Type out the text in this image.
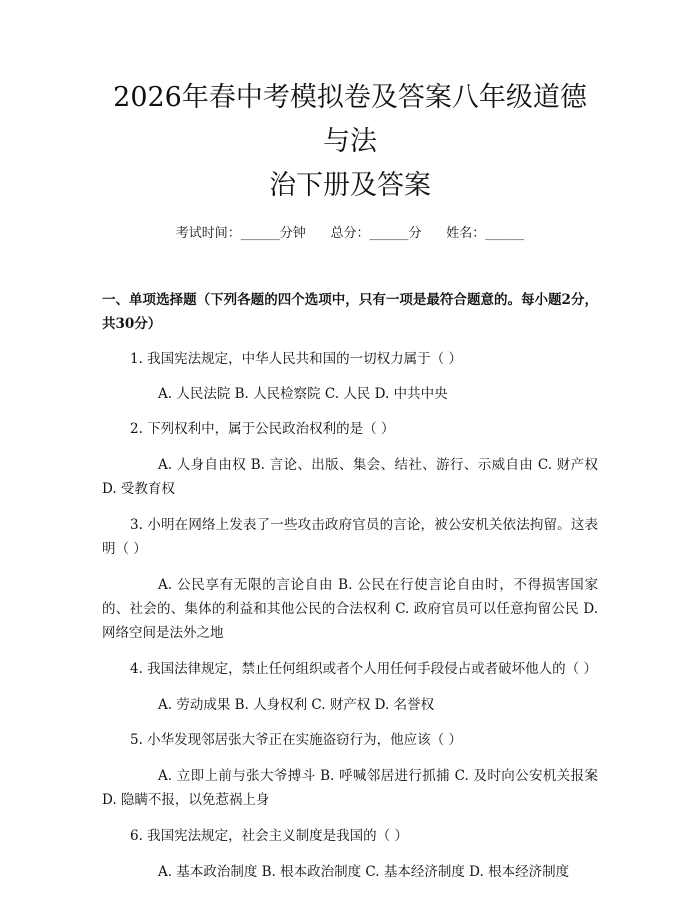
2026年春中考模拟卷及答案八年级道德与法
治下册及答案
考试时间：______分钟      总分：______分      姓名：______
一、单项选择题（下列各题的四个选项中，只有一项是最符合题意的。每小题2分，共30分）

1. 我国宪法规定，中华人民共和国的一切权力属于（ ）

A. 人民法院 B. 人民检察院 C. 人民 D. 中共中央

2. 下列权利中，属于公民政治权利的是（ ）

A. 人身自由权 B. 言论、出版、集会、结社、游行、示威自由 C. 财产权 D. 受教育权

3. 小明在网络上发表了一些攻击政府官员的言论，被公安机关依法拘留。这表明（ ）

A. 公民享有无限的言论自由 B. 公民在行使言论自由时，不得损害国家的、社会的、集体的利益和其他公民的合法权利 C. 政府官员可以任意拘留公民 D. 网络空间是法外之地

4. 我国法律规定，禁止任何组织或者个人用任何手段侵占或者破坏他人的（ ）

A. 劳动成果 B. 人身权利 C. 财产权 D. 名誉权

5. 小华发现邻居张大爷正在实施盗窃行为，他应该（ ）

A. 立即上前与张大爷搏斗 B. 呼喊邻居进行抓捕 C. 及时向公安机关报案 D. 隐瞒不报，以免惹祸上身

6. 我国宪法规定，社会主义制度是我国的（ ）

A. 基本政治制度 B. 根本政治制度 C. 基本经济制度 D. 根本经济制度
